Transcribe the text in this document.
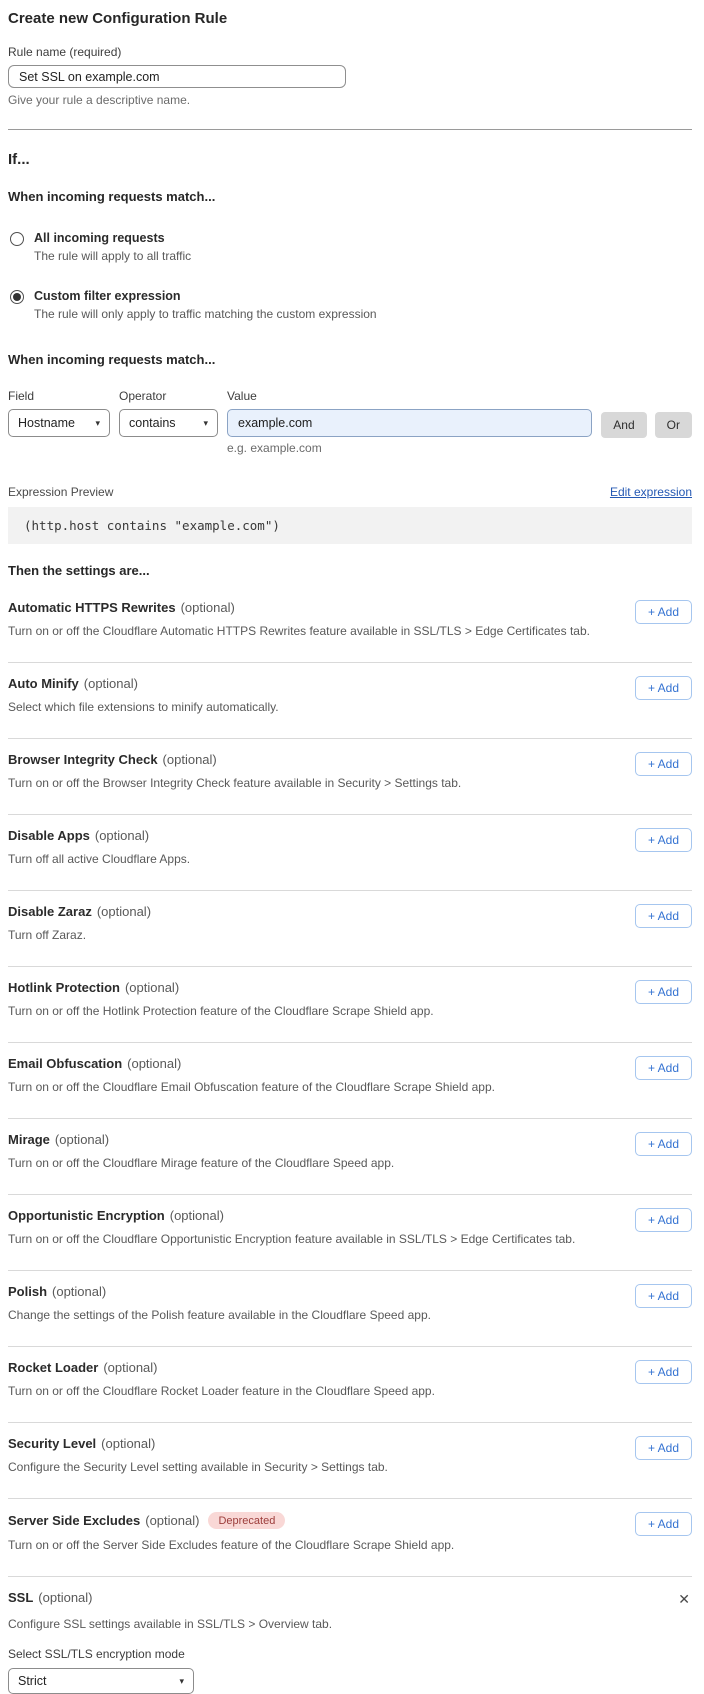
Create new Configuration Rule
Rule name (required)
Set SSL on example.com
Give your rule a descriptive name.
If...
When incoming requests match...
All incoming requests
The rule will apply to all traffic
Custom filter expression
The rule will only apply to traffic matching the custom expression
When incoming requests match...
Field
Hostname ▾
Operator
contains	▾
Value
example.com
e.g. example.com
And	Or
Expression Preview	Edit expression
(http.host contains "example.com")
Then the settings are...
Automatic HTTPS Rewrites (optional)
Turn on or off the Cloudflare Automatic HTTPS Rewrites feature available in SSL/TLS > Edge Certificates tab.
+ Add
Auto Minify (optional)
Select which file extensions to minify automatically.
+ Add
Browser Integrity Check (optional)
Turn on or off the Browser Integrity Check feature available in Security > Settings tab.
+ Add
Disable Apps (optional)
Turn off all active Cloudflare Apps.
+ Add
Disable Zaraz (optional)
Turn off Zaraz.
+ Add
Hotlink Protection (optional)
Turn on or off the Hotlink Protection feature of the Cloudflare Scrape Shield app.
+ Add
Email Obfuscation (optional)
Turn on or off the Cloudflare Email Obfuscation feature of the Cloudflare Scrape Shield app.
+ Add
Mirage (optional)
Turn on or off the Cloudflare Mirage feature of the Cloudflare Speed app.
+ Add
Opportunistic Encryption (optional)
Turn on or off the Cloudflare Opportunistic Encryption feature available in SSL/TLS > Edge Certificates tab.
+ Add
Polish (optional)
Change the settings of the Polish feature available in the Cloudflare Speed app.
+ Add
Rocket Loader (optional)
Turn on or off the Cloudflare Rocket Loader feature in the Cloudflare Speed app.
+ Add
Security Level (optional)
Configure the Security Level setting available in Security > Settings tab.
+ Add
Server Side Excludes (optional)	Deprecated
Turn on or off the Server Side Excludes feature of the Cloudflare Scrape Shield app.
+ Add
SSL (optional)	✕
Configure SSL settings available in SSL/TLS > Overview tab.
Select SSL/TLS encryption mode
Strict	▾
